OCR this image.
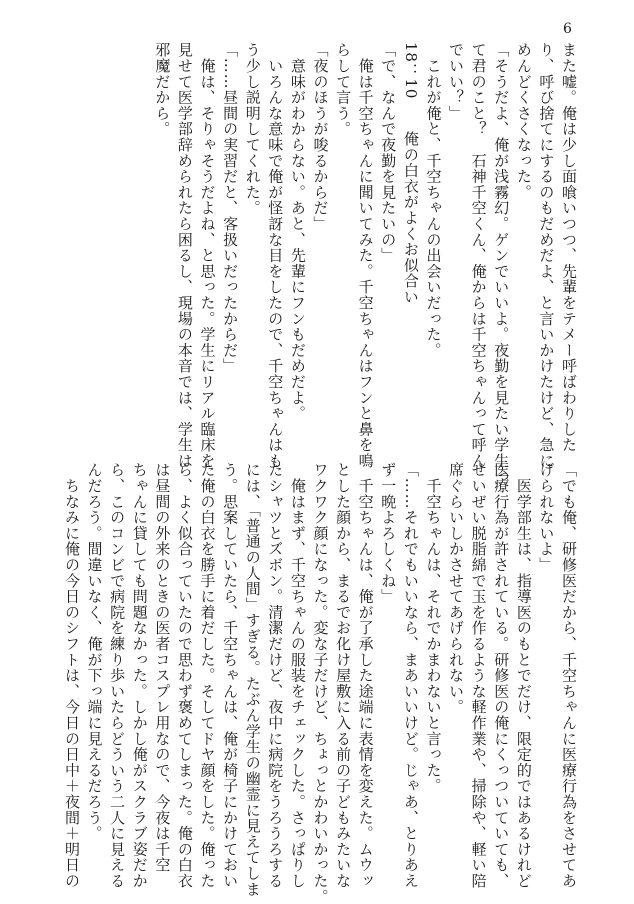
6
また嘘。俺は少し面喰いつつ、先輩をテメー呼ばわりした
り、呼び捨てにするのもだめだよ、と言いかけたけど、急に
めんどくさくなった。
「そうだよ、俺が浅霧幻。ゲンでいいよ。夜勤を見たい学生っ
て君のこと？　石神千空くん、俺からは千空ちゃんって呼ん
でいい？」
　これが俺と、千空ちゃんの出会いだった。
18：10　　俺の白衣がよくお似合い
「で、なんで夜勤を見たいの」
　俺は千空ちゃんに聞いてみた。千空ちゃんはフンと鼻を鳴
らして言う。
「夜のほうが唆るからだ」
　意味がわからない。あと、先輩にフンもだめだよ。
　いろんな意味で俺が怪訝な目をしたので、千空ちゃんはも
う少し説明してくれた。
「……昼間の実習だと、客扱いだったからだ」
　俺は、そりゃそうだよね、と思った。学生にリアル臨床を
見せて医学部辞められたら困るし、現場の本音では、学生は
邪魔だから。
「でも俺、研修医だから、千空ちゃんに医療行為をさせてあ
げられないよ」
　医学部生は、指導医のもとでだけ、限定的ではあるけれど
医療行為が許されている。研修医の俺にくっついていても、
せいぜい脱脂綿で玉を作るような軽作業や、掃除や、軽い陪
席ぐらいしかさせてあげられない。
　千空ちゃんは、それでかまわないと言った。
「……それでもいいなら、まあいいけど。じゃあ、とりあえ
ず一晩よろしくね」
　千空ちゃんは、俺が了承した途端に表情を変えた。ムウッ
とした顔から、まるでお化け屋敷に入る前の子どもみたいな
ワクワク顔になった。変な子だけど、ちょっとかわいかった。
　俺はまず、千空ちゃんの服装をチェックした。さっぱりし
たシャツとズボン。清潔だけど、夜中に病院をうろうろする
には、「普通の人間」すぎる。たぶん学生の幽霊に見えてしま
う。思案していたら、千空ちゃんは、俺が椅子にかけておい
た俺の白衣を勝手に着だした。そしてドヤ顔をした。俺った
ら、よく似合っていたので思わず褒めてしまった。俺の白衣
は昼間の外来のときの医者コスプレ用なので、今夜は千空
ちゃんに貸しても問題なかった。しかし俺がスクラブ姿だか
ら、このコンビで病院を練り歩いたらどういう二人に見える
んだろう。間違いなく、俺が下っ端に見えるだろう。
　ちなみに俺の今日のシフトは、今日の日中＋夜間＋明日の
